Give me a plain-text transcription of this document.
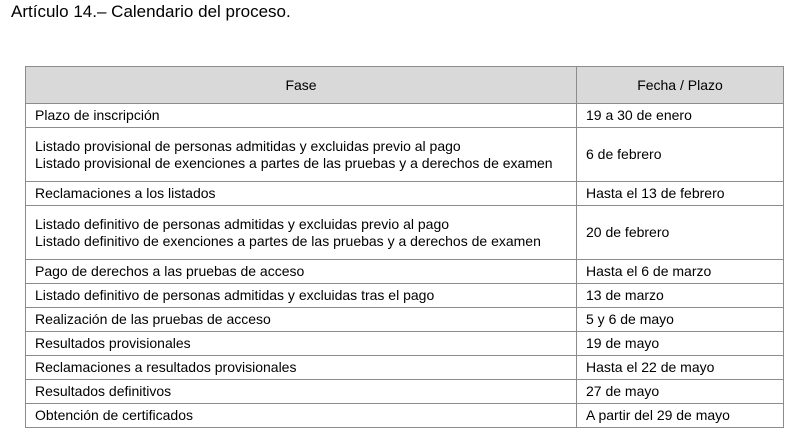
Artículo 14.– Calendario del proceso.
Fase	Fecha / Plazo

Plazo de inscripción	19 a 30 de enero

Listado provisional de personas admitidas y excluidas previo al pago
Listado provisional de exenciones a partes de las pruebas y a derechos de examen	6 de febrero

Reclamaciones a los listados	Hasta el 13 de febrero

Listado definitivo de personas admitidas y excluidas previo al pago
Listado definitivo de exenciones a partes de las pruebas y a derechos de examen	20 de febrero

Pago de derechos a las pruebas de acceso	Hasta el 6 de marzo

Listado definitivo de personas admitidas y excluidas tras el pago	13 de marzo

Realización de las pruebas de acceso	5 y 6 de mayo

Resultados provisionales	19 de mayo

Reclamaciones a resultados provisionales	Hasta el 22 de mayo

Resultados definitivos	27 de mayo

Obtención de certificados	A partir del 29 de mayo
